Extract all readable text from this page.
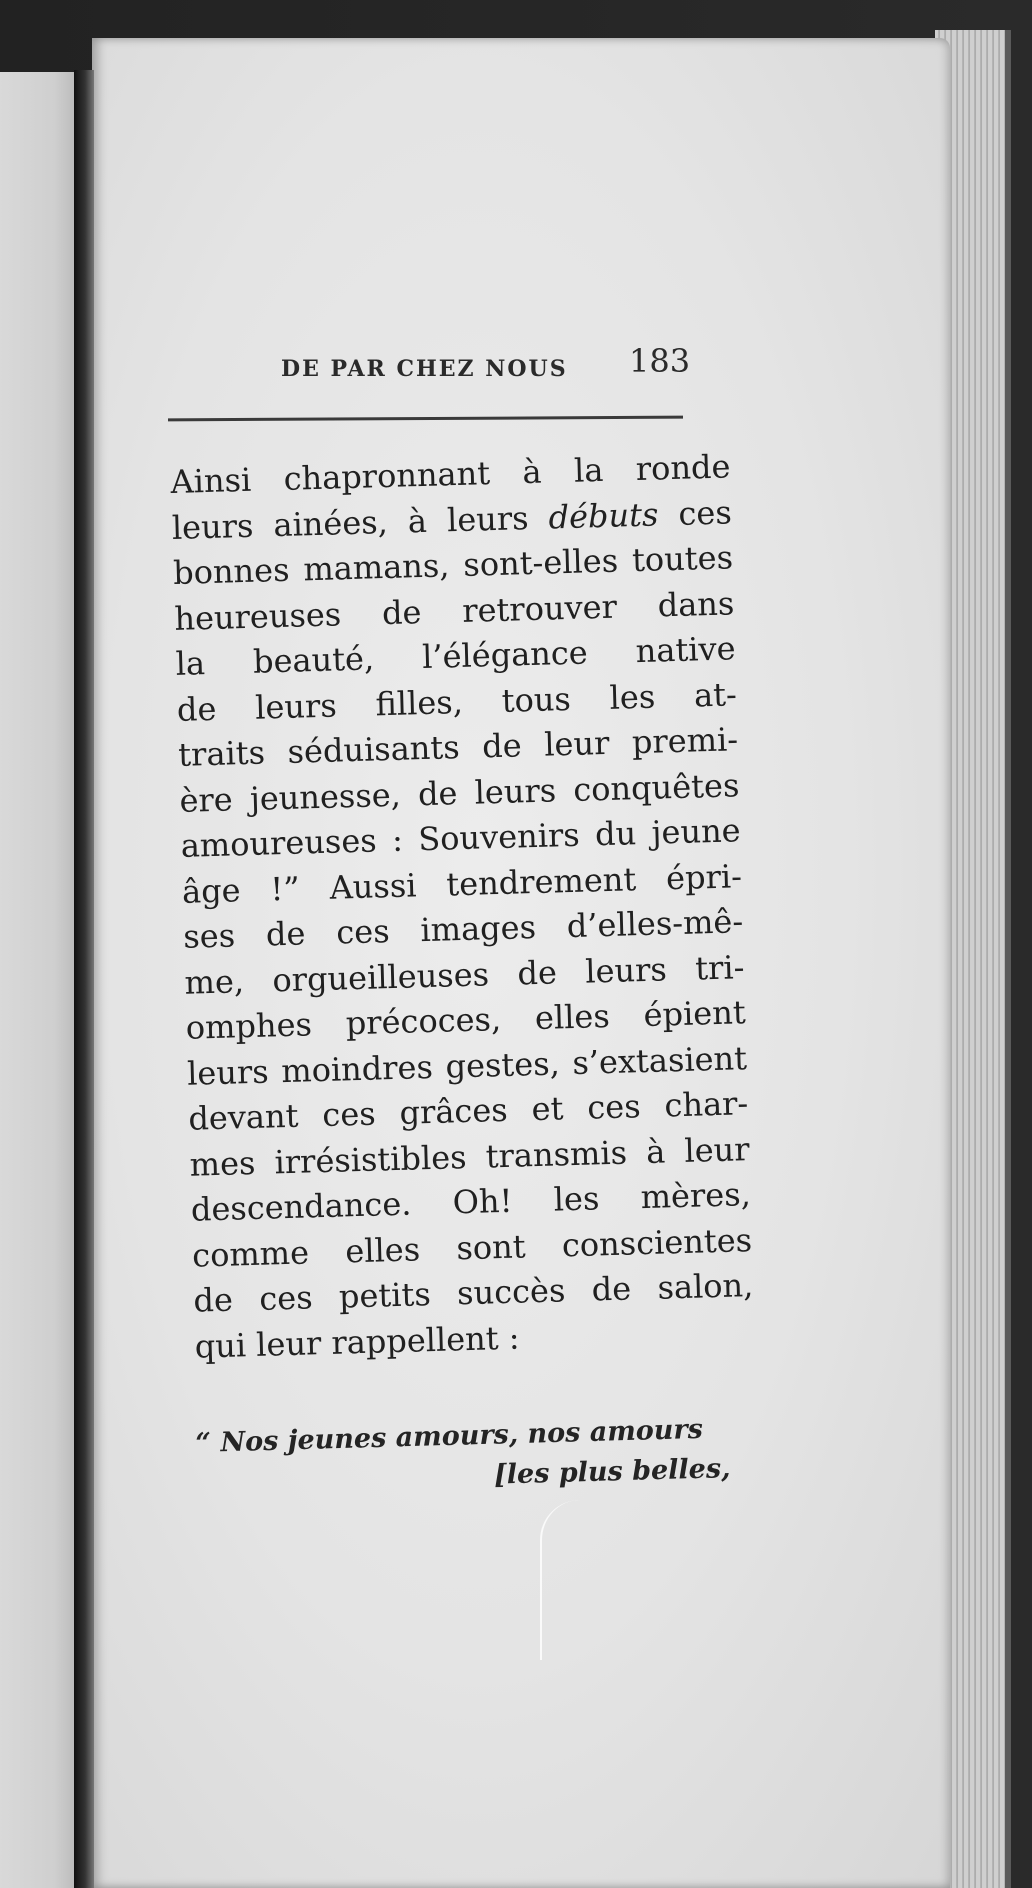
DE PAR CHEZ NOUS 183
Ainsi chapronnant à la ronde
leurs ainées, à leurs débuts ces
bonnes mamans, sont-elles toutes
heureuses de retrouver dans
la beauté, l’élégance native
de leurs filles, tous les at-
traits séduisants de leur premi-
ère jeunesse, de leurs conquêtes
amoureuses : Souvenirs du jeune
âge !” Aussi tendrement épri-
ses de ces images d’elles-mê-
me, orgueilleuses de leurs tri-
omphes précoces, elles épient
leurs moindres gestes, s’extasient
devant ces grâces et ces char-
mes irrésistibles transmis à leur
descendance. Oh! les mères,
comme elles sont conscientes
de ces petits succès de salon,
qui leur rappellent :
“ Nos jeunes amours, nos amours
[les plus belles,
